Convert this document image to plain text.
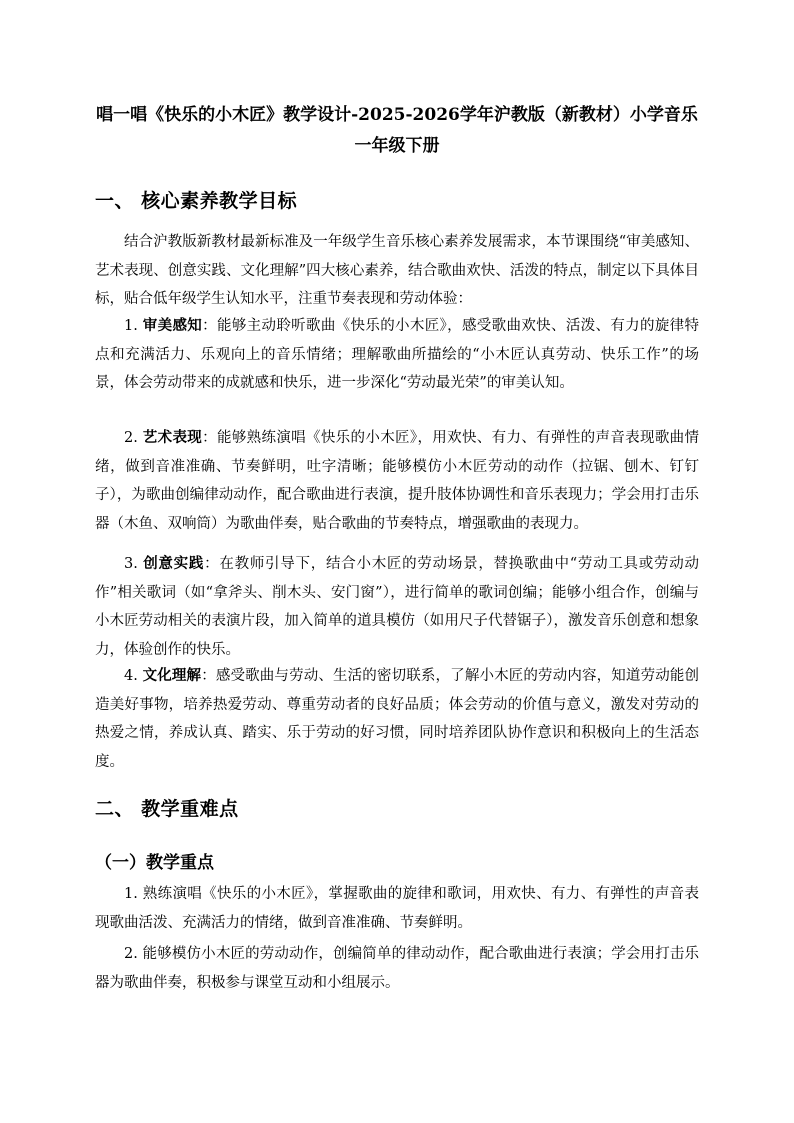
唱一唱《快乐的小木匠》教学设计-2025-2026学年沪教版（新教材）小学音乐一年级下册
一、 核心素养教学目标
结合沪教版新教材最新标准及一年级学生音乐核心素养发展需求，本节课围绕“审美感知、艺术表现、创意实践、文化理解”四大核心素养，结合歌曲欢快、活泼的特点，制定以下具体目标，贴合低年级学生认知水平，注重节奏表现和劳动体验：
1. 审美感知：能够主动聆听歌曲《快乐的小木匠》，感受歌曲欢快、活泼、有力的旋律特点和充满活力、乐观向上的音乐情绪；理解歌曲所描绘的“小木匠认真劳动、快乐工作”的场景，体会劳动带来的成就感和快乐，进一步深化“劳动最光荣”的审美认知。
2. 艺术表现：能够熟练演唱《快乐的小木匠》，用欢快、有力、有弹性的声音表现歌曲情绪，做到音准准确、节奏鲜明，吐字清晰；能够模仿小木匠劳动的动作（拉锯、刨木、钉钉子），为歌曲创编律动动作，配合歌曲进行表演，提升肢体协调性和音乐表现力；学会用打击乐器（木鱼、双响筒）为歌曲伴奏，贴合歌曲的节奏特点，增强歌曲的表现力。
3. 创意实践：在教师引导下，结合小木匠的劳动场景，替换歌曲中“劳动工具或劳动动作”相关歌词（如“拿斧头、削木头、安门窗”），进行简单的歌词创编；能够小组合作，创编与小木匠劳动相关的表演片段，加入简单的道具模仿（如用尺子代替锯子），激发音乐创意和想象力，体验创作的快乐。
4. 文化理解：感受歌曲与劳动、生活的密切联系，了解小木匠的劳动内容，知道劳动能创造美好事物，培养热爱劳动、尊重劳动者的良好品质；体会劳动的价值与意义，激发对劳动的热爱之情，养成认真、踏实、乐于劳动的好习惯，同时培养团队协作意识和积极向上的生活态度。
二、 教学重难点
（一）教学重点
1. 熟练演唱《快乐的小木匠》，掌握歌曲的旋律和歌词，用欢快、有力、有弹性的声音表现歌曲活泼、充满活力的情绪，做到音准准确、节奏鲜明。
2. 能够模仿小木匠的劳动动作，创编简单的律动动作，配合歌曲进行表演；学会用打击乐器为歌曲伴奏，积极参与课堂互动和小组展示。
